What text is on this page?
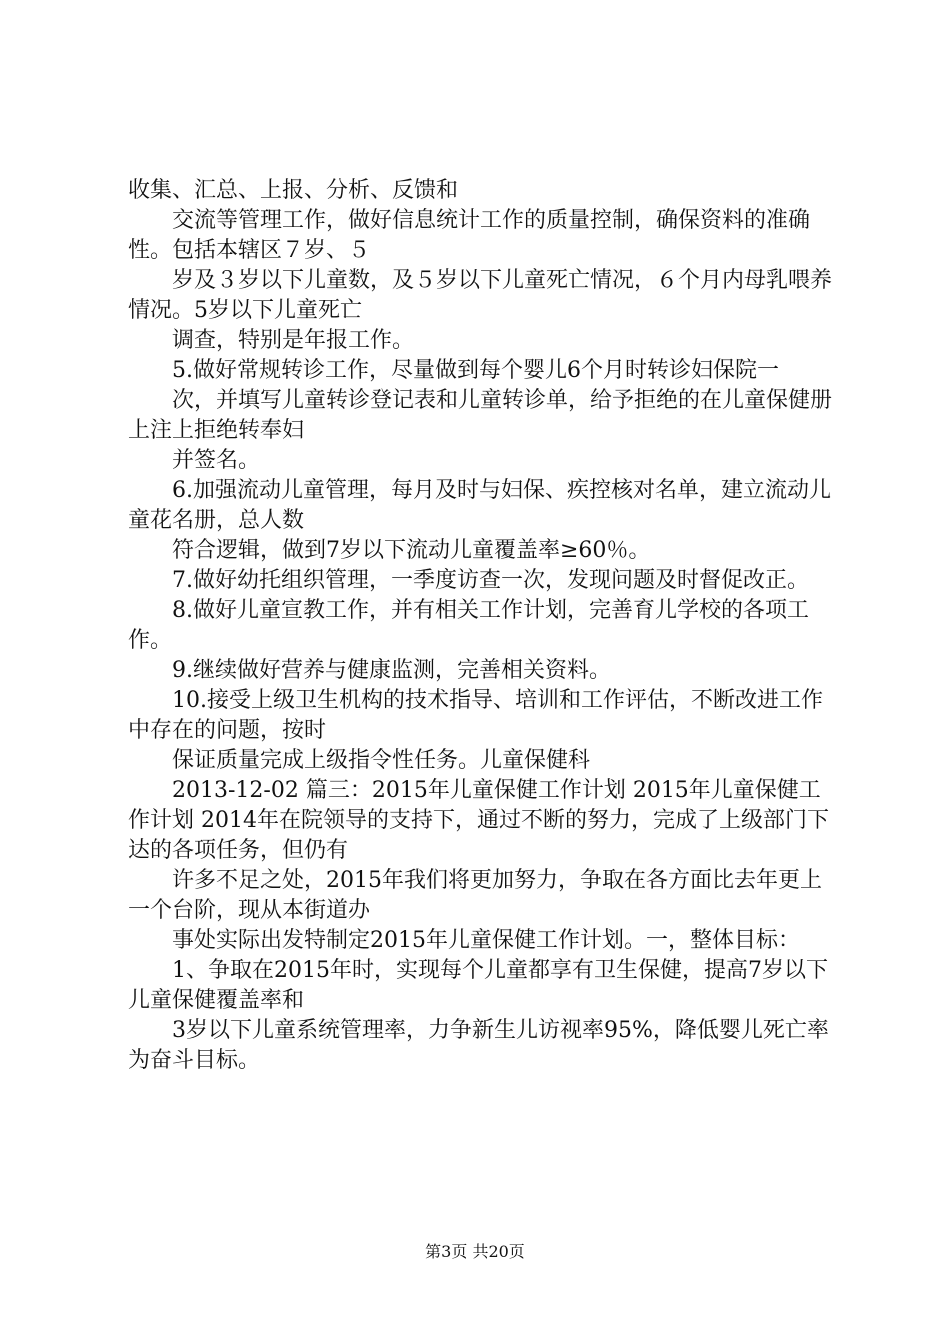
收集、汇总、上报、分析、反馈和

交流等管理工作，做好信息统计工作的质量控制，确保资料的准确性。包括本辖区７岁、５

岁及３岁以下儿童数，及５岁以下儿童死亡情况，６个月内母乳喂养情况。5岁以下儿童死亡

调查，特别是年报工作。

5.做好常规转诊工作，尽量做到每个婴儿6个月时转诊妇保院一

次，并填写儿童转诊登记表和儿童转诊单，给予拒绝的在儿童保健册上注上拒绝转奉妇

并签名。

6.加强流动儿童管理，每月及时与妇保、疾控核对名单，建立流动儿童花名册，总人数

符合逻辑，做到7岁以下流动儿童覆盖率≥60％。

7.做好幼托组织管理，一季度访查一次，发现问题及时督促改正。

8.做好儿童宣教工作，并有相关工作计划，完善育儿学校的各项工作。

9.继续做好营养与健康监测，完善相关资料。

10.接受上级卫生机构的技术指导、培训和工作评估，不断改进工作中存在的问题，按时

保证质量完成上级指令性任务。儿童保健科

2013-12-02 篇三：2015年儿童保健工作计划 2015年儿童保健工作计划 2014年在院领导的支持下，通过不断的努力，完成了上级部门下达的各项任务，但仍有

许多不足之处，2015年我们将更加努力，争取在各方面比去年更上一个台阶，现从本街道办

事处实际出发特制定2015年儿童保健工作计划。一，整体目标：

1、争取在2015年时，实现每个儿童都享有卫生保健，提高7岁以下儿童保健覆盖率和

3岁以下儿童系统管理率，力争新生儿访视率95%，降低婴儿死亡率为奋斗目标。

第3页 共20页
